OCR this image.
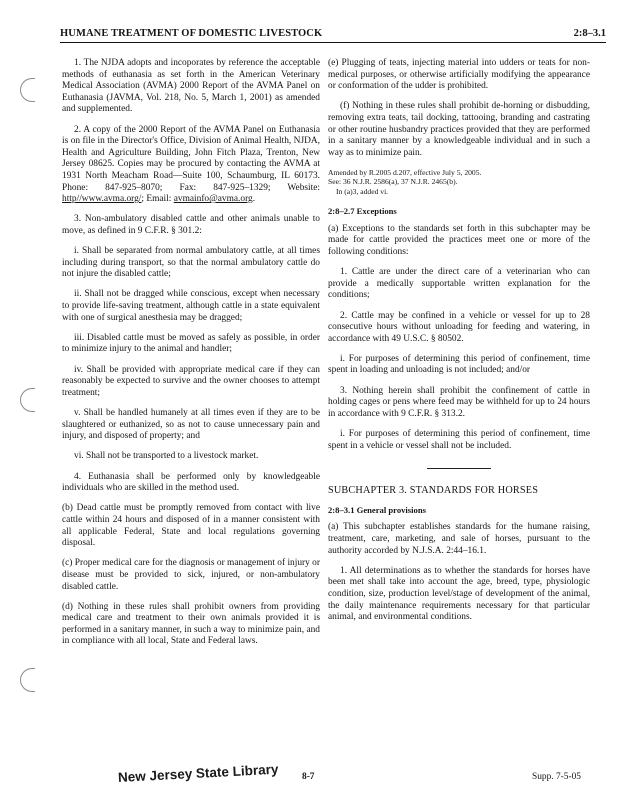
HUMANE TREATMENT OF DOMESTIC LIVESTOCK	2:8–3.1

1. The NJDA adopts and incoporates by reference the acceptable methods of euthanasia as set forth in the American Veterinary Medical Association (AVMA) 2000 Report of the AVMA Panel on Euthanasia (JAVMA, Vol. 218, No. 5, March 1, 2001) as amended and supplemented.

2. A copy of the 2000 Report of the AVMA Panel on Euthanasia is on file in the Director's Office, Division of Animal Health, NJDA, Health and Agriculture Building, John Fitch Plaza, Trenton, New Jersey 08625. Copies may be procured by contacting the AVMA at 1931 North Meacham Road—Suite 100, Schaumburg, IL 60173. Phone: 847-925–8070; Fax: 847-925–1329; Website: http//www.avma.org/; Email: avmainfo@avma.org.

3. Non-ambulatory disabled cattle and other animals unable to move, as defined in 9 C.F.R. § 301.2:

i. Shall be separated from normal ambulatory cattle, at all times including during transport, so that the normal ambulatory cattle do not injure the disabled cattle;

ii. Shall not be dragged while conscious, except when necessary to provide life-saving treatment, although cattle in a state equivalent with one of surgical anesthesia may be dragged;

iii. Disabled cattle must be moved as safely as possible, in order to minimize injury to the animal and handler;

iv. Shall be provided with appropriate medical care if they can reasonably be expected to survive and the owner chooses to attempt treatment;

v. Shall be handled humanely at all times even if they are to be slaughtered or euthanized, so as not to cause unnecessary pain and injury, and disposed of property; and

vi. Shall not be transported to a livestock market.

4. Euthanasia shall be performed only by knowledgeable individuals who are skilled in the method used.

(b) Dead cattle must be promptly removed from contact with live cattle within 24 hours and disposed of in a manner consistent with all applicable Federal, State and local regulations governing disposal.

(c) Proper medical care for the diagnosis or management of injury or disease must be provided to sick, injured, or non-ambulatory disabled cattle.

(d) Nothing in these rules shall prohibit owners from providing medical care and treatment to their own animals provided it is performed in a sanitary manner, in such a way to minimize pain, and in compliance with all local, State and Federal laws.

(e) Plugging of teats, injecting material into udders or teats for non-medical purposes, or otherwise artificially modifying the appearance or conformation of the udder is prohibited.

(f) Nothing in these rules shall prohibit de-horning or disbudding, removing extra teats, tail docking, tattooing, branding and castrating or other routine husbandry practices provided that they are performed in a sanitary manner by a knowledgeable individual and in such a way as to minimize pain.

Amended by R.2005 d.207, effective July 5, 2005.

See: 36 N.J.R. 2586(a), 37 N.J.R. 2465(b).

In (a)3, added vi.

2:8–2.7 Exceptions

(a) Exceptions to the standards set forth in this subchapter may be made for cattle provided the practices meet one or more of the following conditions:

1. Cattle are under the direct care of a veterinarian who can provide a medically supportable written explanation for the conditions;

2. Cattle may be confined in a vehicle or vessel for up to 28 consecutive hours without unloading for feeding and watering, in accordance with 49 U.S.C. § 80502.

i. For purposes of determining this period of confinement, time spent in loading and unloading is not included; and/or

3. Nothing herein shall prohibit the confinement of cattle in holding cages or pens where feed may be withheld for up to 24 hours in accordance with 9 C.F.R. § 313.2.

i. For purposes of determining this period of confinement, time spent in a vehicle or vessel shall not be included.

SUBCHAPTER 3. STANDARDS FOR HORSES

2:8–3.1 General provisions

(a) This subchapter establishes standards for the humane raising, treatment, care, marketing, and sale of horses, pursuant to the authority accorded by N.J.S.A. 2:44–16.1.

1. All determinations as to whether the standards for horses have been met shall take into account the age, breed, type, physiologic condition, size, production level/stage of development of the animal, the daily maintenance requirements necessary for that particular animal, and environmental conditions.

New Jersey State Library 8-7	Supp. 7-5-05
